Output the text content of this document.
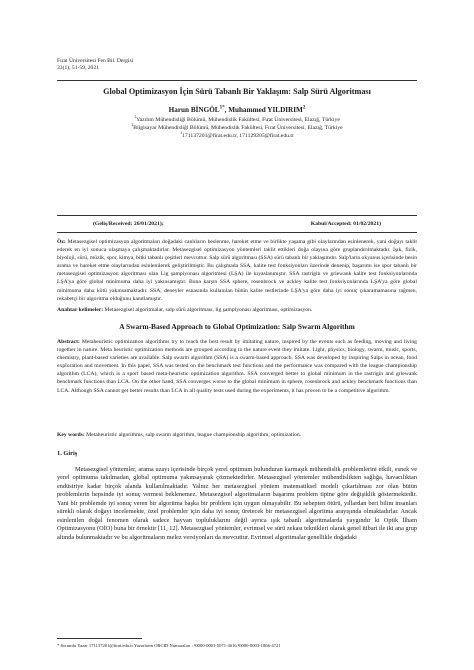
Fırat Üniversitesi Fen Bil. Dergisi
33(1), 51-59, 2021
Global Optimizasyon İçin Sürü Tabanlı Bir Yaklaşım: Salp Sürü Algoritması
Harun $BİNGÖL^{1*}$, Muhammed YILDIRIM$^2$
$^1$Yazılım Mühendisliği Bölümü, Mühendislik Fakültesi, Fırat Üniversitesi, Elazığ, Türkiye
$^2$Bilgisayar Mühendisliği Bölümü, Mühendislik Fakültesi, Fırat Üniversitesi, Elazığ, Türkiye
$^1$171137201@firat.edu.tr, 171129205@firat.edu.tr
(Geliş/Received: 26/01/2021);	Kabul/Accepted: 01/02/2021)
Öz: Metasezgisel optimizasyon algoritmaları doğadaki canlıların beslenme, hareket etme ve birlikte yaşama gibi olaylarından esinlenerek, yani doğayı taklit ederek en iyi sonuca ulaşmaya çalışmaktadırlar. Metasezgisel optimizasyon yöntemleri taklit ettikleri doğa olayına göre gruplandırılmaktadır. Işık, fizik, biyoloji, sürü, müzik, spor, kimya, bitki tabanlı çeşitleri mevcuttur. Salp sürü algoritması (SSA) sürü tabanlı bir yaklaşımdır. Salp'ların okyanus içerisinde besin arama ve hareket etme olaylarından esinlenilerek geliştirilmiştir. Bu çalışmada SSA, kalite test fonksiyonları üzerinde denenip, başarımı ise spor tabanlı bir metasezgisel optimizasyon algoritması olan Lig şampiyonası algoritmesi (LŞA) ile kıyaslanmıştır. SSA rastrigin ve griewank kalite test fonksiyonlarında LŞA'ya göre global minimuma daha iyi yakınsamıştır. Buna karşın SSA sphere, rosenbrock ve ackley kalite test fonksiyonlarında LŞA'ya göre global minimuma daha kötü yakınsamaktadır. SSA, deneyler esnasında kullanılan bütün kalite testlerinde LŞA'ya göre daha iyi sonuç çıkaramamasına rağmen, rekabetçi bir algoritma olduğunu kanıtlamıştır.
Anahtar kelimeler: Metasezgisel algoritmalar, salp sürü algoritması, lig şampiyonası algoritması, optimizasyon.
A Swarm-Based Approach to Global Optimization: Salp Swarm Algorithm
Abstract: Metaheuristic optimization algorithms try to reach the best result by imitating nature, inspired by the events such as feeding, moving and living together in nature. Meta heuristic optimization methods are grouped according to the nature event they imitate. Light, physics, biology, swarm, music, sports, chemistry, plant-based varieties are available. Salp swarm algorithm (SSA) is a swarm-based approach. SSA was developed by inspiring Salps in ocean, food exploration and movement. In this paper, SSA was tested on the benchmark test functions and the performance was compared with the league championship algorithm (LCA), which is a sport based meta-heuristic optimization algorithm. SSA converged better to global minimum in the rastrigin and griewank benchmark functions than LCA. On the other hand, SSA converges worse to the global minimum in sphere, rosenbrock and ackley benchmark functions than LCA. Although SSA cannot get better results than LCA in all quality tests used during the experiments, it has proven to be a competitive algorithm.
Key words: Metaheuristic algorithms, salp swarm algorithm, league championship algorithm, optimization.
1. Giriş
Metasezgisel yöntemler, arama uzayı içerisinde birçok yerel optimum bulunduran karmaşık mühendislik problemlerini etkili, esnek ve yerel optimuma takılmadan, global optimuma yakınsayarak çözmektedirler. Metasezgisel yöntemler mühendislikten sağlığa, havacılıktan endüstriye kadar birçok alanda kullanılmaktadır. Yalnız her metasezgisel yöntem matematiksel modeli çıkartılması zor olan bütün problemlerin hepsinde iyi sonuç vermesi beklenemez. Metasezgisel algoritmaların başarımı problem tipine göre değişiklik göstermektedir. Yani bir problemde iyi sonuç veren bir algoritma başka bir problem için uygun olmayabilir. Bu sebepten ötürü, yıllardan beri bilim insanları sürekli olarak doğayı incelemekte, özel problemler için daha iyi sonuç üretecek bir metasezgisel algoritma arayışında olmaktadırlar. Ancak esinlenilen doğal fenomen olarak sadece hayvan topluluklarını değil ayrıca ışık tabanlı algoritmalarda yaygındır ki Optik İlham Optimizasyonu (OİO) buna bir örnektir [11, 12]. Metasezgisel yöntemler, evrimsel ve sürü zekası teknikleri olarak genel itibari ile iki ana grup altında bulunmaktadır ve bu algoritmaların melez versiyonları da mevcuttur. Evrimsel algoritmalar genellikle doğadaki
* Sorumlu Yazar 171137201@firat.edu.tr Yazarların ORCID Numaraları : ¹0000-0001-5071-4616 ²0000-0003-1866-4721
